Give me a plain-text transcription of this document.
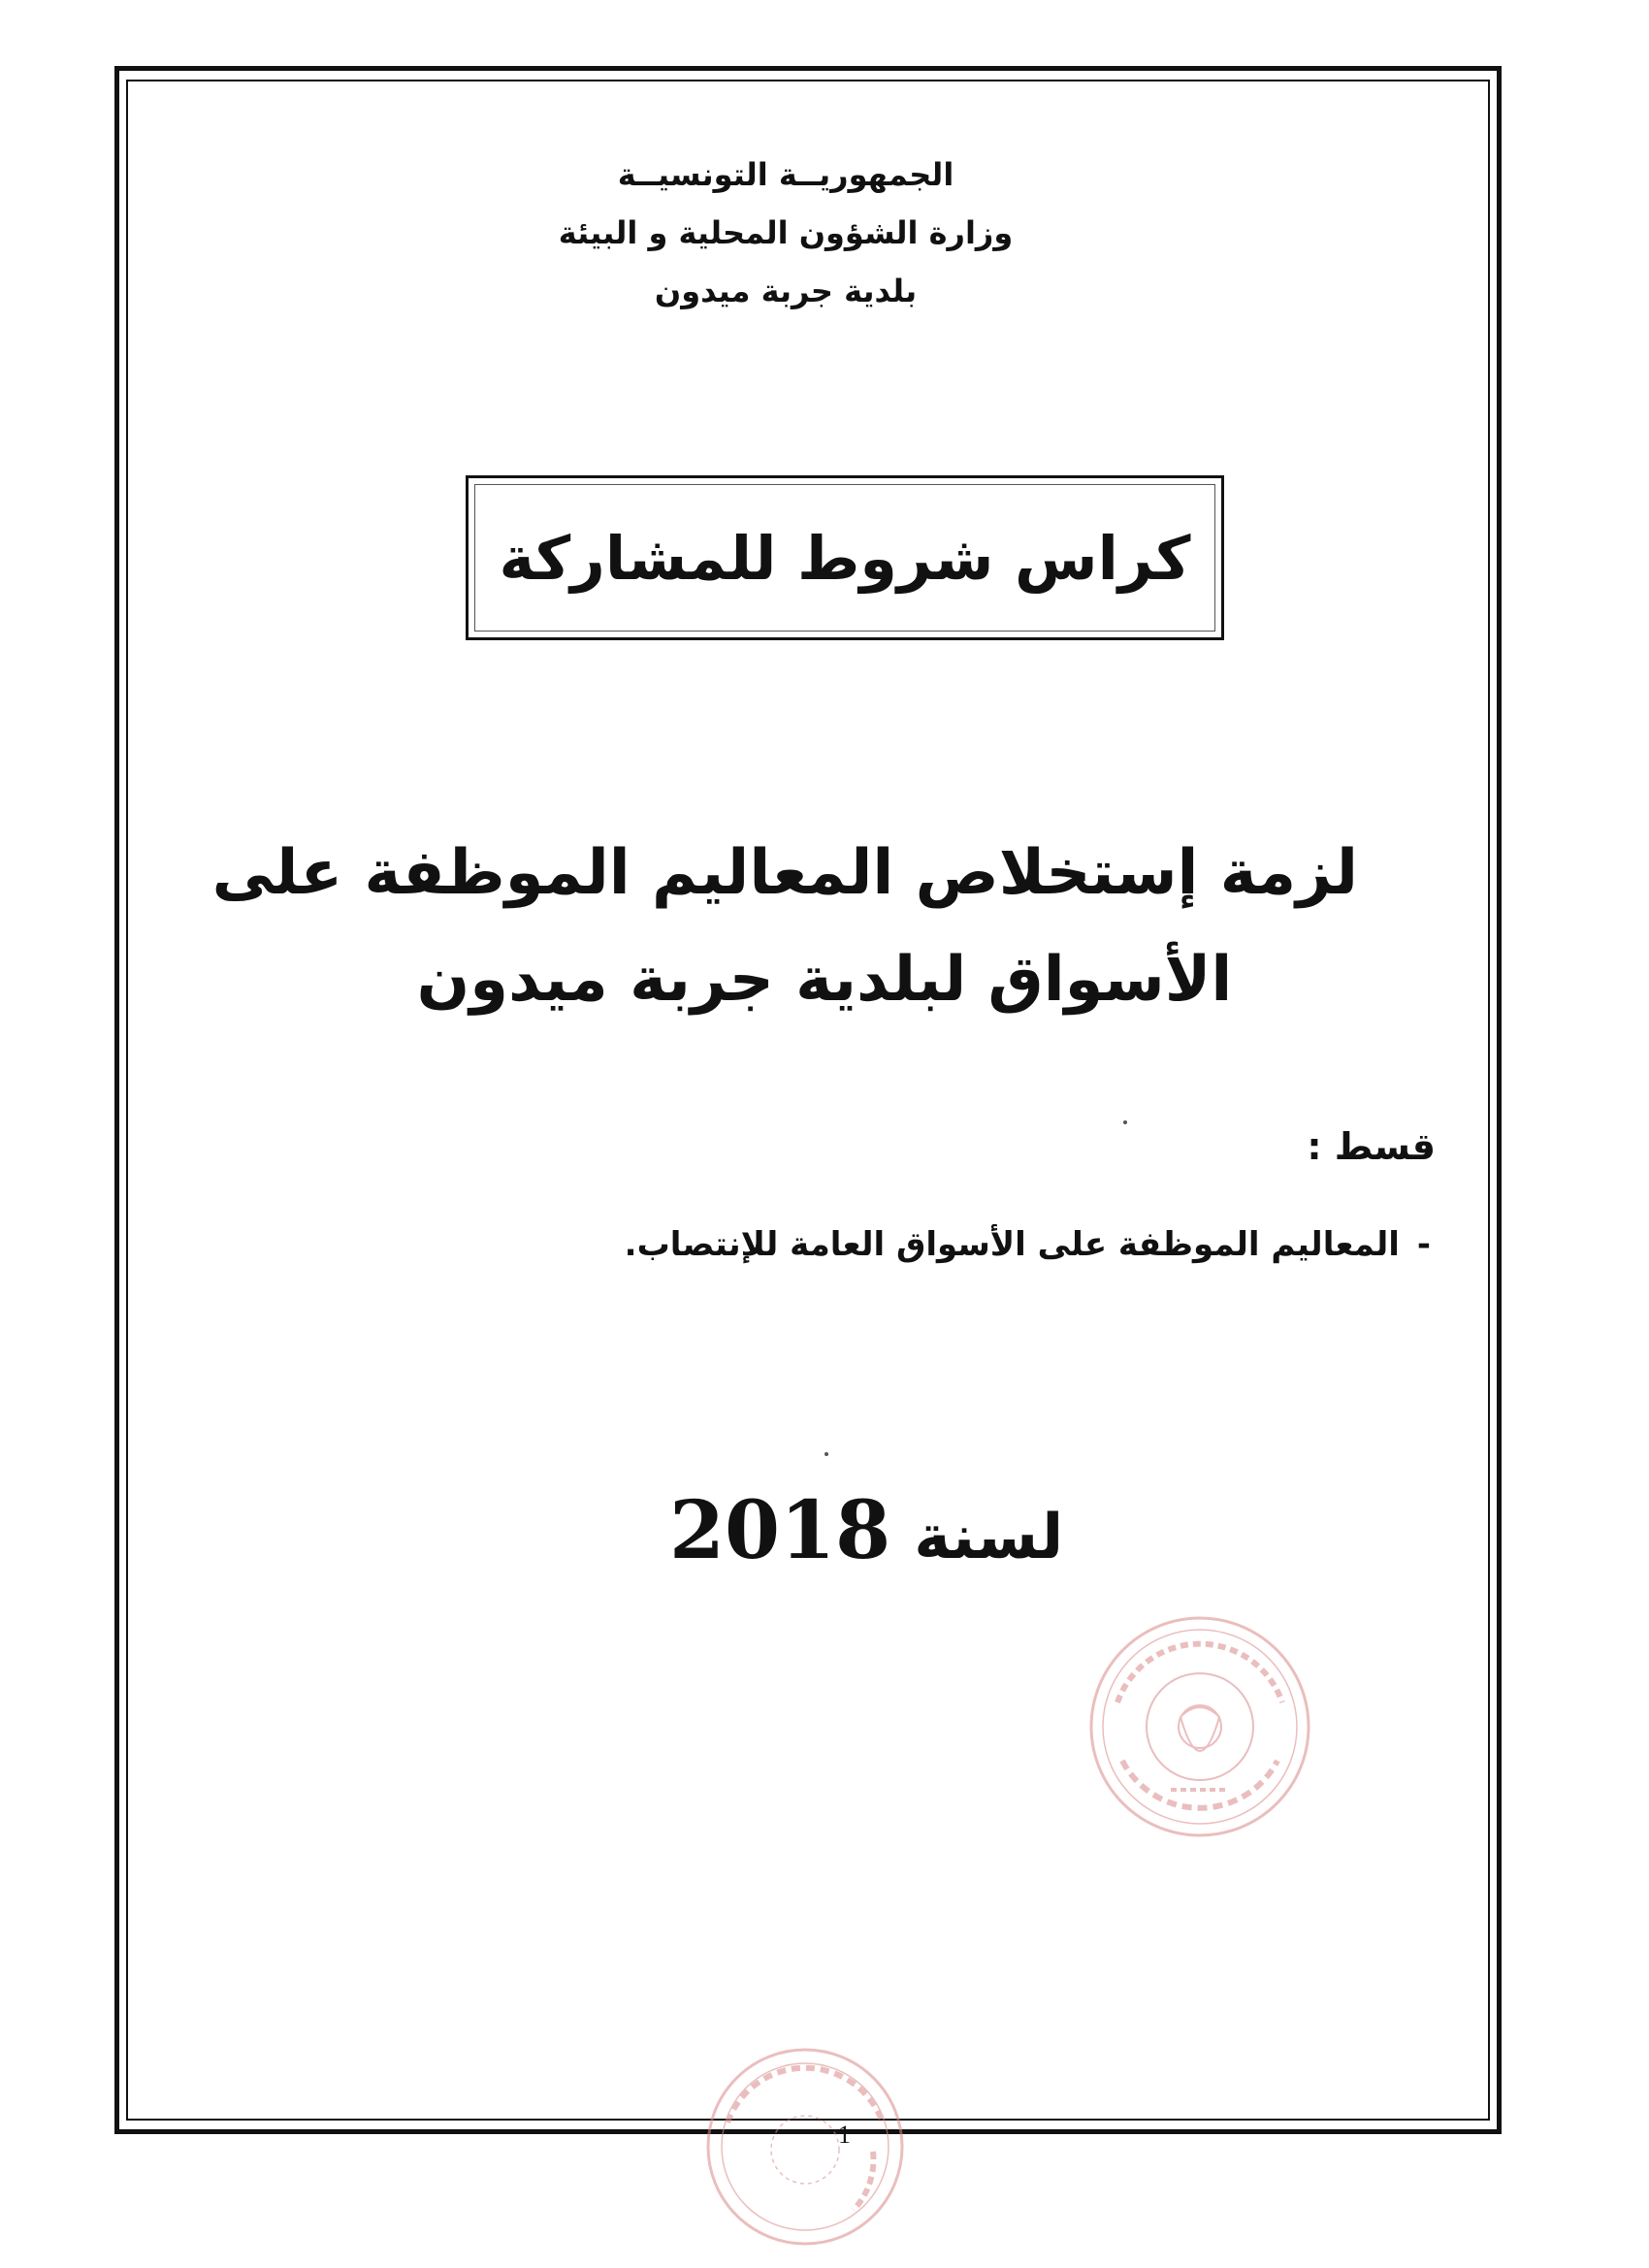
الجمهوريــة التونسيــة
وزارة الشؤون المحلية و البيئة
بلدية جربة ميدون
كراس شروط للمشاركة
لزمة إستخلاص المعاليم الموظفة على
الأسواق لبلدية جربة ميدون
قسط :
-
المعاليم الموظفة على الأسواق العامة للإنتصاب.
لسنة
2018
1
